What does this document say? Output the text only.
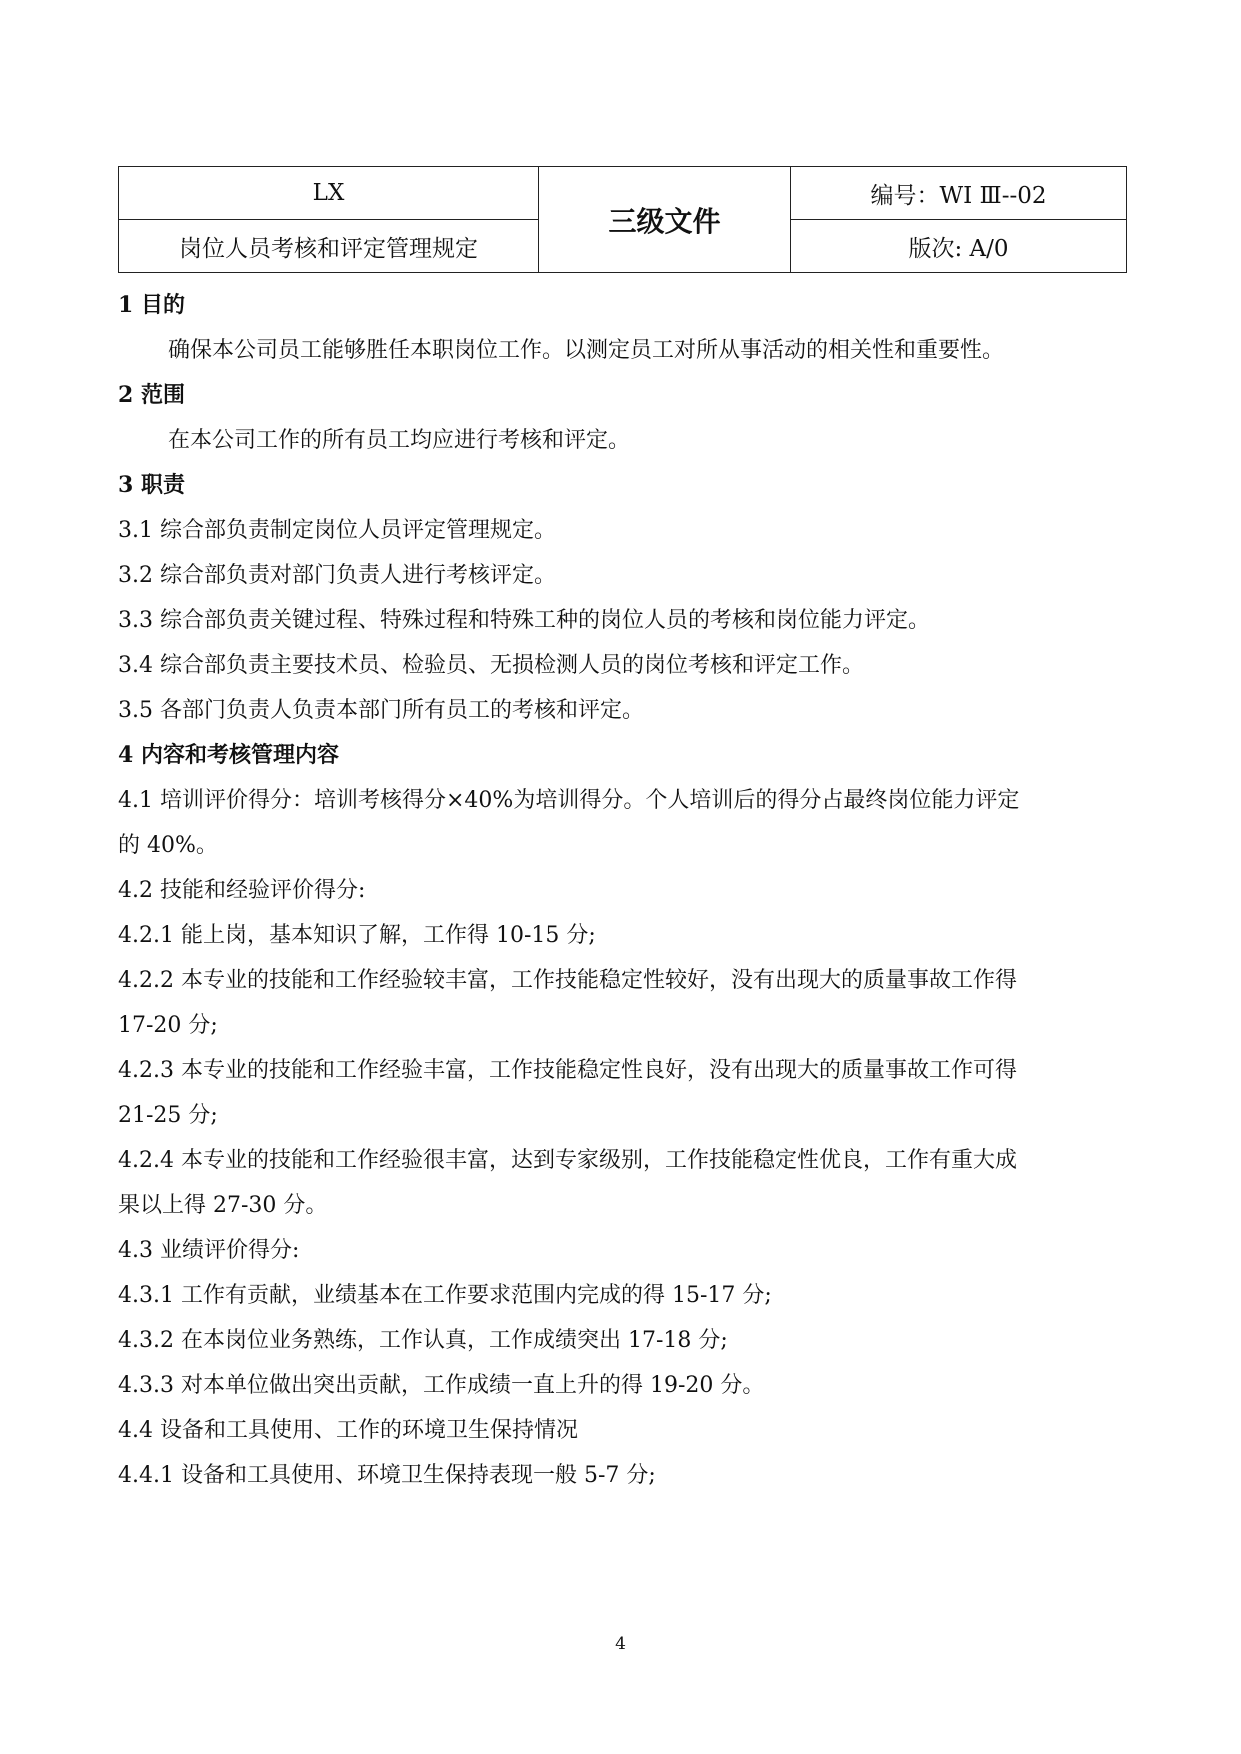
LX	三级文件	编号：WI Ⅲ--02
岗位人员考核和评定管理规定		版次: A/0
1 目的
确保本公司员工能够胜任本职岗位工作。以测定员工对所从事活动的相关性和重要性。
2 范围
在本公司工作的所有员工均应进行考核和评定。
3 职责
3.1 综合部负责制定岗位人员评定管理规定。
3.2 综合部负责对部门负责人进行考核评定。
3.3 综合部负责关键过程、特殊过程和特殊工种的岗位人员的考核和岗位能力评定。
3.4 综合部负责主要技术员、检验员、无损检测人员的岗位考核和评定工作。
3.5 各部门负责人负责本部门所有员工的考核和评定。
4 内容和考核管理内容
4.1 培训评价得分：培训考核得分×40%为培训得分。个人培训后的得分占最终岗位能力评定
的 40%。
4.2 技能和经验评价得分:
4.2.1 能上岗，基本知识了解，工作得 10-15 分;
4.2.2 本专业的技能和工作经验较丰富，工作技能稳定性较好，没有出现大的质量事故工作得
17-20 分;
4.2.3 本专业的技能和工作经验丰富，工作技能稳定性良好，没有出现大的质量事故工作可得
21-25 分;
4.2.4 本专业的技能和工作经验很丰富，达到专家级别，工作技能稳定性优良，工作有重大成
果以上得 27-30 分。
4.3 业绩评价得分:
4.3.1 工作有贡献，业绩基本在工作要求范围内完成的得 15-17 分;
4.3.2 在本岗位业务熟练，工作认真，工作成绩突出 17-18 分;
4.3.3 对本单位做出突出贡献，工作成绩一直上升的得 19-20 分。
4.4 设备和工具使用、工作的环境卫生保持情况
4.4.1 设备和工具使用、环境卫生保持表现一般 5-7 分;
4
